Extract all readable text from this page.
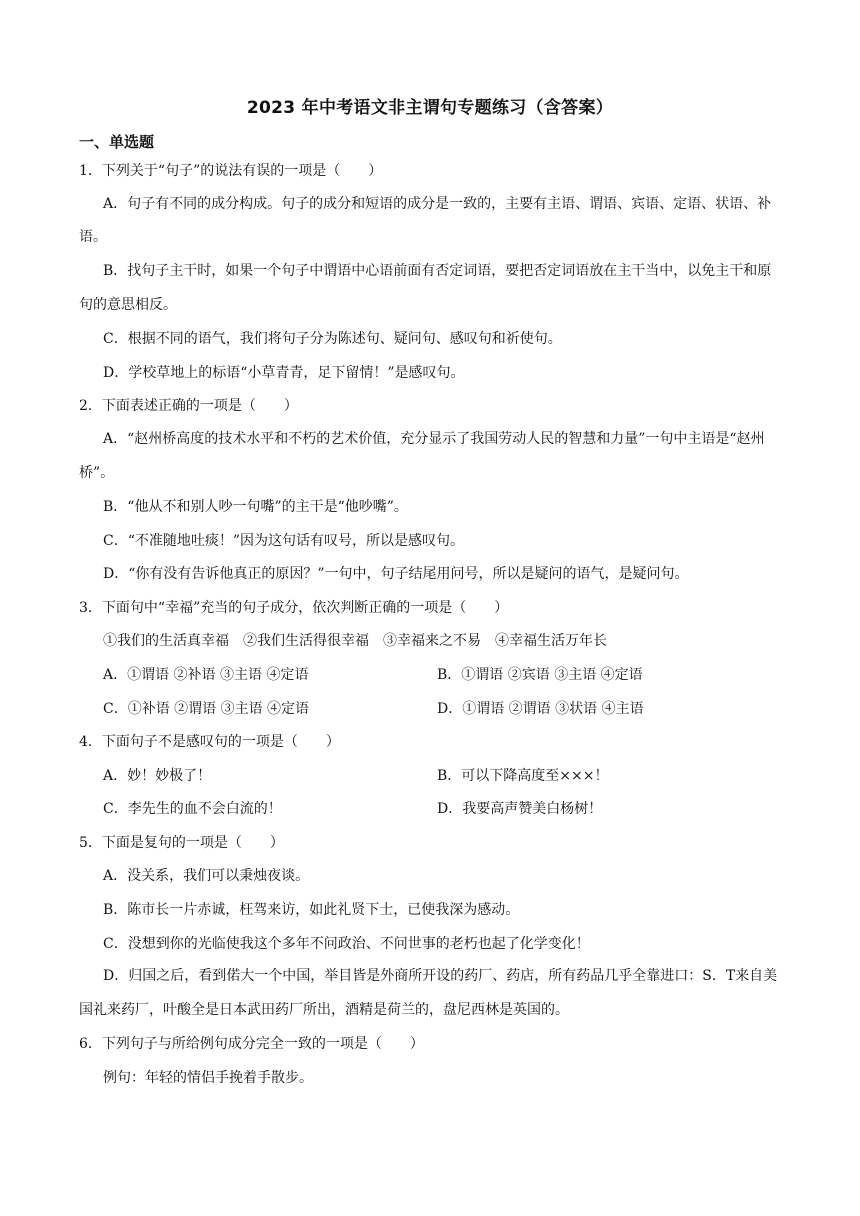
2023 年中考语文非主谓句专题练习（含答案）
一、单选题
1．下列关于“句子”的说法有误的一项是（　　）
A．句子有不同的成分构成。句子的成分和短语的成分是一致的，主要有主语、谓语、宾语、定语、状语、补语。
B．找句子主干时，如果一个句子中谓语中心语前面有否定词语，要把否定词语放在主干当中，以免主干和原句的意思相反。
C．根据不同的语气，我们将句子分为陈述句、疑问句、感叹句和祈使句。
D．学校草地上的标语“小草青青，足下留情！”是感叹句。
2．下面表述正确的一项是（　　）
A．“赵州桥高度的技术水平和不朽的艺术价值，充分显示了我国劳动人民的智慧和力量”一句中主语是“赵州桥”。
B．“他从不和别人吵一句嘴”的主干是“他吵嘴”。
C．“不准随地吐痰！”因为这句话有叹号，所以是感叹句。
D．“你有没有告诉他真正的原因？”一句中，句子结尾用问号，所以是疑问的语气，是疑问句。
3．下面句中“幸福”充当的句子成分，依次判断正确的一项是（　　）
①我们的生活真幸福　②我们生活得很幸福　③幸福来之不易　④幸福生活万年长
A．①谓语 ②补语 ③主语 ④定语	B．①谓语 ②宾语 ③主语 ④定语
C．①补语 ②谓语 ③主语 ④定语	D．①谓语 ②谓语 ③状语 ④主语
4．下面句子不是感叹句的一项是（　　）
A．妙！妙极了！	B．可以下降高度至×××！
C．李先生的血不会白流的！	D．我要高声赞美白杨树！
5．下面是复句的一项是（　　）
A．没关系，我们可以秉烛夜谈。
B．陈市长一片赤诚，枉驾来访，如此礼贤下士，已使我深为感动。
C．没想到你的光临使我这个多年不问政治、不问世事的老朽也起了化学变化！
D．归国之后，看到偌大一个中国，举目皆是外商所开设的药厂、药店，所有药品几乎全靠进口：S．T来自美国礼来药厂，叶酸全是日本武田药厂所出，酒精是荷兰的，盘尼西林是英国的。
6．下列句子与所给例句成分完全一致的一项是（　　）
例句：年轻的情侣手挽着手散步。
